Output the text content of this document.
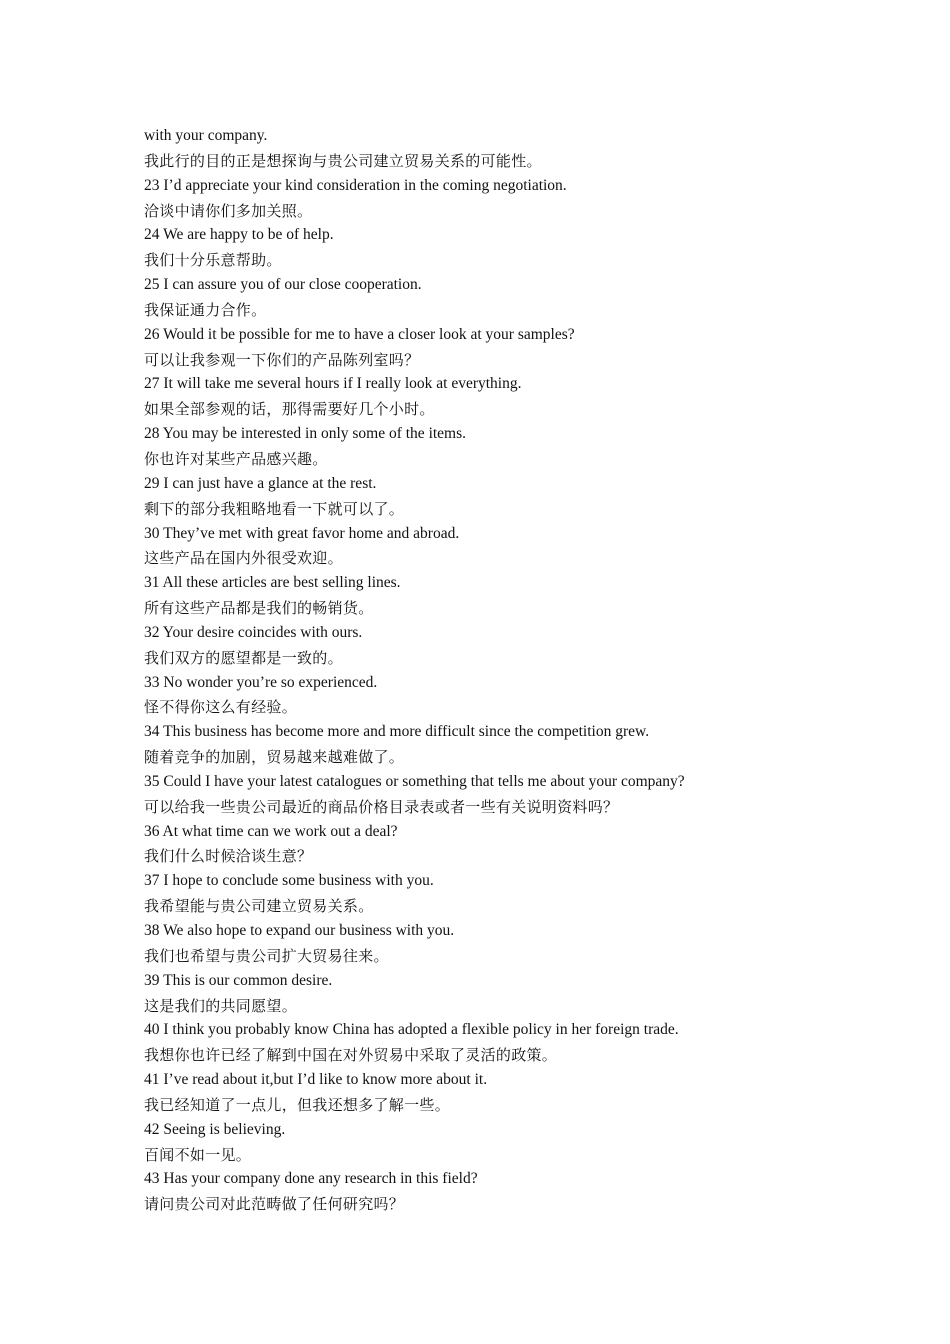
with your company.

我此行的目的正是想探询与贵公司建立贸易关系的可能性。

23 I’d appreciate your kind consideration in the coming negotiation.

洽谈中请你们多加关照。

24 We are happy to be of help.

我们十分乐意帮助。

25 I can assure you of our close cooperation.

我保证通力合作。

26 Would it be possible for me to have a closer look at your samples?

可以让我参观一下你们的产品陈列室吗？

27 It will take me several hours if I really look at everything.

如果全部参观的话，那得需要好几个小时。

28 You may be interested in only some of the items.

你也许对某些产品感兴趣。

29 I can just have a glance at the rest.

剩下的部分我粗略地看一下就可以了。

30 They’ve met with great favor home and abroad.

这些产品在国内外很受欢迎。

31 All these articles are best selling lines.

所有这些产品都是我们的畅销货。

32 Your desire coincides with ours.

我们双方的愿望都是一致的。

33 No wonder you’re so experienced.

怪不得你这么有经验。

34 This business has become more and more difficult since the competition grew.

随着竞争的加剧，贸易越来越难做了。

35 Could I have your latest catalogues or something that tells me about your company?

可以给我一些贵公司最近的商品价格目录表或者一些有关说明资料吗？

36 At what time can we work out a deal?

我们什么时候洽谈生意？

37 I hope to conclude some business with you.

我希望能与贵公司建立贸易关系。

38 We also hope to expand our business with you.

我们也希望与贵公司扩大贸易往来。

39 This is our common desire.

这是我们的共同愿望。

40 I think you probably know China has adopted a flexible policy in her foreign trade.

我想你也许已经了解到中国在对外贸易中采取了灵活的政策。

41 I’ve read about it,but I’d like to know more about it.

我已经知道了一点儿，但我还想多了解一些。

42 Seeing is believing.

百闻不如一见。

43 Has your company done any research in this field?

请问贵公司对此范畴做了任何研究吗？
